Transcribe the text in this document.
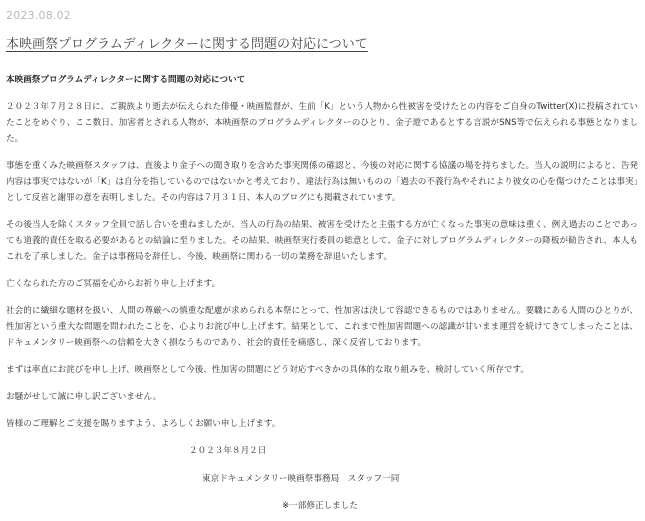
2023.08.02
本映画祭プログラムディレクターに関する問題の対応について

本映画祭プログラムディレクターに関する問題の対応について

２０２３年７月２８日に、ご親族より逝去が伝えられた俳優・映画監督が、生前「K」という人物から性被害を受けたとの内容をご自身のTwitter(X)に投稿されていたことをめぐり、ここ数日、加害者とされる人物が、本映画祭のプログラムディレクターのひとり、金子遊であるとする言説がSNS等で伝えられる事態となりました。

事態を重くみた映画祭スタッフは、直後より金子への聞き取りを含めた事実関係の確認と、今後の対応に関する協議の場を持ちました。当人の説明によると、告発内容は事実ではないが「K」は自分を指しているのではないかと考えており、違法行為は無いものの「過去の不義行為やそれにより彼女の心を傷つけたことは事実」として反省と謝罪の意を表明しました。その内容は７月３１日、本人のブログにも掲載されています。

その後当人を除くスタッフ全員で話し合いを重ねましたが、当人の行為の結果、被害を受けたと主張する方が亡くなった事実の意味は重く、例え過去のことであっても道義的責任を取る必要があるとの結論に至りました。その結果、映画祭実行委員の総意として、金子に対しプログラムディレクターの降板が勧告され、本人もこれを了承しました。金子は事務局を辞任し、今後、映画祭に関わる一切の業務を辞退いたします。

亡くなられた方のご冥福を心からお祈り申し上げます。

社会的に繊細な題材を扱い、人間の尊厳への慎重な配慮が求められる本祭にとって、性加害は決して容認できるものではありません。要職にある人間のひとりが、性加害という重大な問題を問われたことを、心よりお詫び申し上げます。結果として、これまで性加害問題への認識が甘いまま運営を続けてきてしまったことは、ドキュメンタリー映画祭への信頼を大きく損なうものであり、社会的責任を痛感し、深く反省しております。

まずは率直にお詫びを申し上げ、映画祭として今後、性加害の問題にどう対応すべきかの具体的な取り組みを、検討していく所存です。

お騒がせして誠に申し訳ございません。

皆様のご理解とご支援を賜りますよう、よろしくお願い申し上げます。

２０２３年８月２日

東京ドキュメンタリー映画祭事務局　スタッフ一同

※一部修正しました
